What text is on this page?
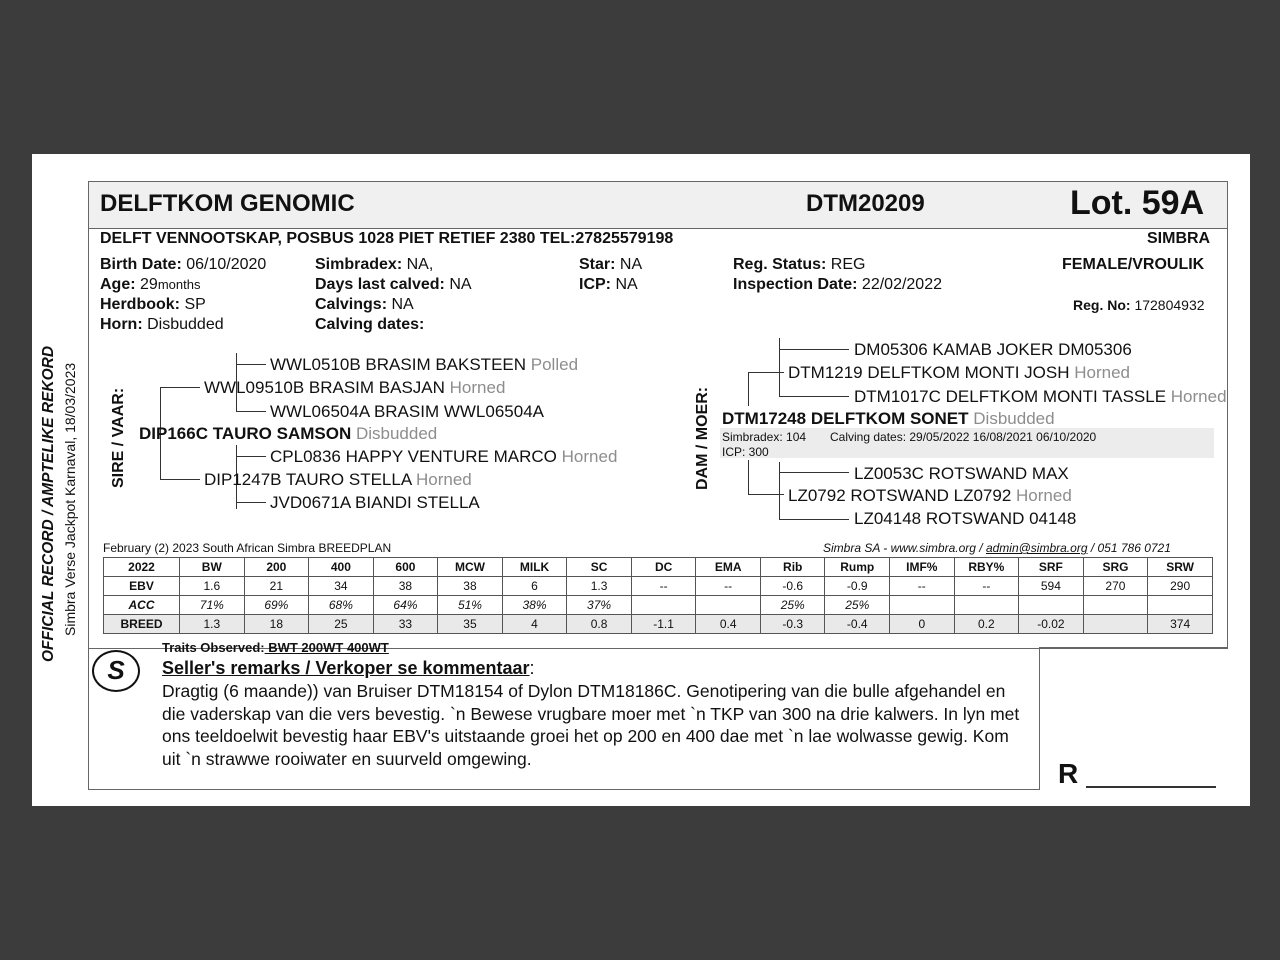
OFFICIAL RECORD / AMPTELIKE REKORD Simbra Verse Jackpot Karnaval, 18/03/2023
DELFTKOM GENOMIC	DTM20209	Lot. 59A
DELFT VENNOOTSKAP, POSBUS 1028 PIET RETIEF 2380 TEL:27825579198	SIMBRA
Birth Date: 06/10/2020
Age: 29months
Herdbook: SP
Horn: Disbudded
Simbradex: NA,
Days last calved: NA
Calvings: NA
Calving dates:
Star: NA
ICP: NA
Reg. Status: REG
Inspection Date: 22/02/2022
FEMALE/VROULIK
Reg. No: 172804932
SIRE / VAAR:
WWL0510B BRASIM BAKSTEEN Polled
WWL09510B BRASIM BASJAN Horned
WWL06504A BRASIM WWL06504A
DIP166C TAURO SAMSON Disbudded
CPL0836 HAPPY VENTURE MARCO Horned
DIP1247B TAURO STELLA Horned
JVD0671A BIANDI STELLA
DAM / MOER:
DM05306 KAMAB JOKER DM05306
DTM1219 DELFTKOM MONTI JOSH Horned
DTM1017C DELFTKOM MONTI TASSLE Horned
DTM17248 DELFTKOM SONET Disbudded
Simbradex: 104 Calving dates: 29/05/2022 16/08/2021 06/10/2020
ICP: 300
LZ0053C ROTSWAND MAX
LZ0792 ROTSWAND LZ0792 Horned
LZ04148 ROTSWAND 04148
February (2) 2023 South African Simbra BREEDPLAN	Simbra SA - www.simbra.org / admin@simbra.org / 051 786 0721
2022	BW	200	400	600	MCW	MILK	SC	DC	EMA	Rib	Rump	IMF%	RBY%	SRF	SRG	SRW
EBV	1.6	21	34	38	38	6	1.3	--	--	-0.6	-0.9	--	--	594	270	290
ACC	71%	69%	68%	64%	51%	38%	37%			25%	25%					
BREED	1.3	18	25	33	35	4	0.8	-1.1	0.4	-0.3	-0.4	0	0.2	-0.02		374
Traits Observed: BWT 200WT 400WT
S	Seller's remarks / Verkoper se kommentaar:
Dragtig (6 maande)) van Bruiser DTM18154 of Dylon DTM18186C. Genotipering van die bulle afgehandel en die vaderskap van die vers bevestig. `n Bewese vrugbare moer met `n TKP van 300 na drie kalwers. In lyn met ons teeldoelwit bevestig haar EBV's uitstaande groei het op 200 en 400 dae met `n lae wolwasse gewig. Kom uit `n strawwe rooiwater en suurveld omgewing.	R
